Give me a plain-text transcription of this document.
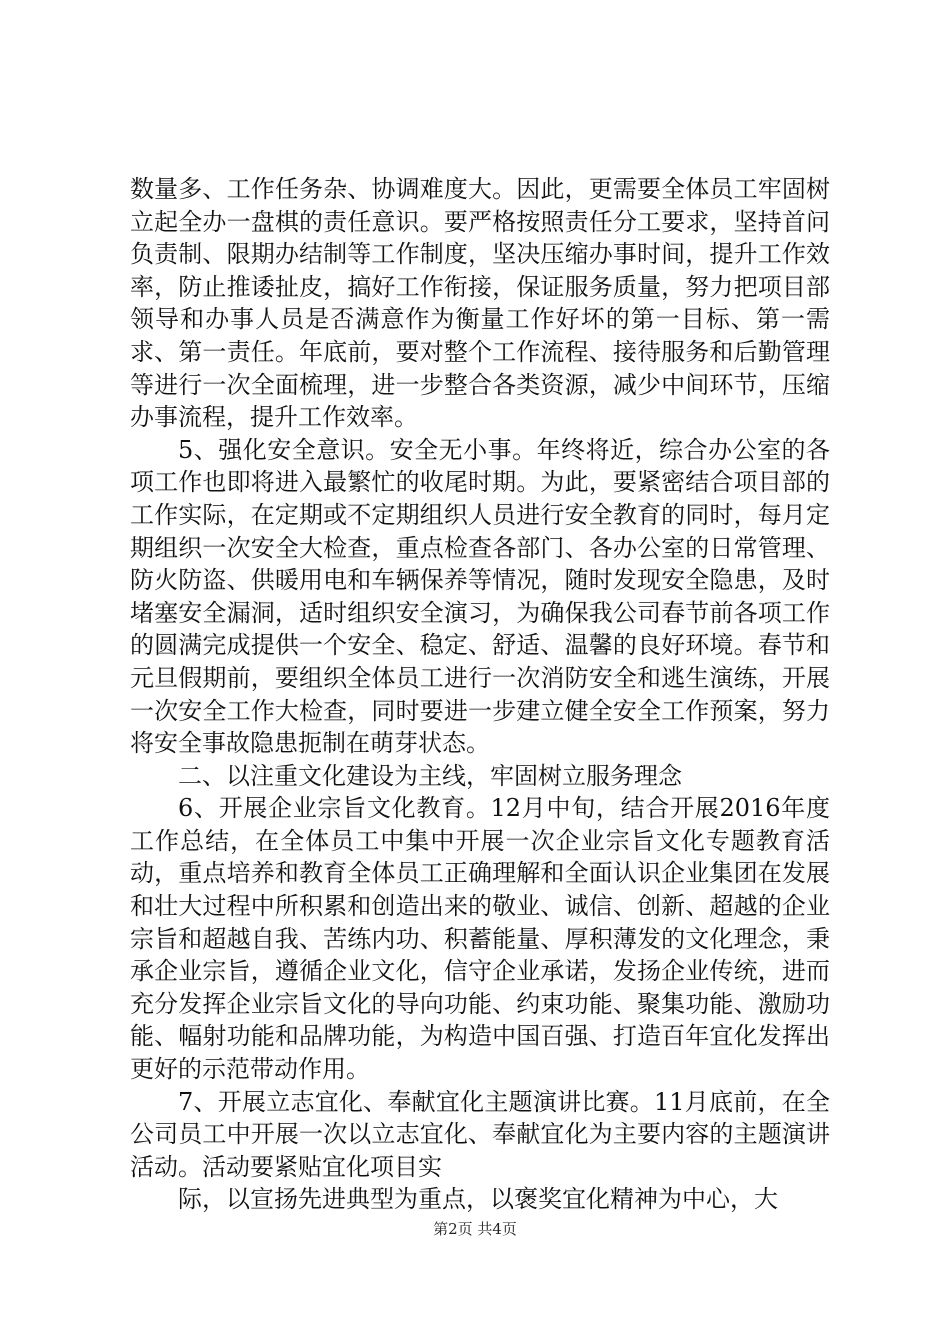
数量多、工作任务杂、协调难度大。因此，更需要全体员工牢固树立起全办一盘棋的责任意识。要严格按照责任分工要求，坚持首问负责制、限期办结制等工作制度，坚决压缩办事时间，提升工作效率，防止推诿扯皮，搞好工作衔接，保证服务质量，努力把项目部领导和办事人员是否满意作为衡量工作好坏的第一目标、第一需求、第一责任。年底前，要对整个工作流程、接待服务和后勤管理等进行一次全面梳理，进一步整合各类资源，减少中间环节，压缩办事流程，提升工作效率。

5、强化安全意识。安全无小事。年终将近，综合办公室的各项工作也即将进入最繁忙的收尾时期。为此，要紧密结合项目部的工作实际，在定期或不定期组织人员进行安全教育的同时，每月定期组织一次安全大检查，重点检查各部门、各办公室的日常管理、防火防盗、供暖用电和车辆保养等情况，随时发现安全隐患，及时堵塞安全漏洞，适时组织安全演习，为确保我公司春节前各项工作的圆满完成提供一个安全、稳定、舒适、温馨的良好环境。春节和元旦假期前，要组织全体员工进行一次消防安全和逃生演练，开展一次安全工作大检查，同时要进一步建立健全安全工作预案，努力将安全事故隐患扼制在萌芽状态。

二、以注重文化建设为主线，牢固树立服务理念

6、开展企业宗旨文化教育。12月中旬，结合开展2016年度工作总结，在全体员工中集中开展一次企业宗旨文化专题教育活动，重点培养和教育全体员工正确理解和全面认识企业集团在发展和壮大过程中所积累和创造出来的敬业、诚信、创新、超越的企业宗旨和超越自我、苦练内功、积蓄能量、厚积薄发的文化理念，秉承企业宗旨，遵循企业文化，信守企业承诺，发扬企业传统，进而充分发挥企业宗旨文化的导向功能、约束功能、聚集功能、激励功能、幅射功能和品牌功能，为构造中国百强、打造百年宜化发挥出更好的示范带动作用。

7、开展立志宜化、奉献宜化主题演讲比赛。11月底前，在全公司员工中开展一次以立志宜化、奉献宜化为主要内容的主题演讲活动。活动要紧贴宜化项目实

际，以宣扬先进典型为重点，以褒奖宜化精神为中心，大

第2页 共4页
